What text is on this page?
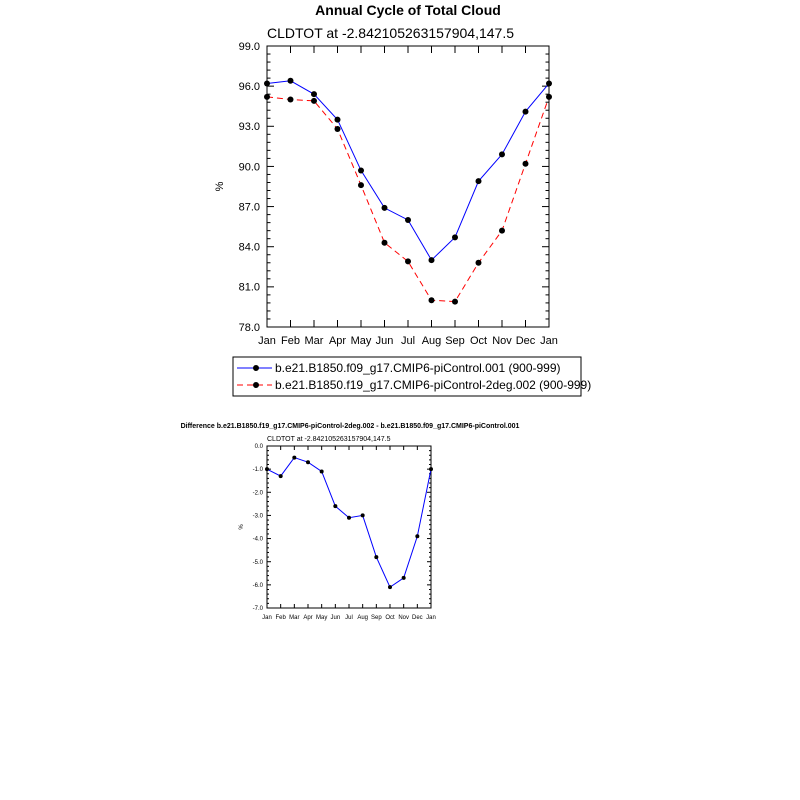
Annual Cycle of Total Cloud
CLDTOT at -2.842105263157904,147.5
78.0
81.0
84.0
87.0
90.0
93.0
96.0
99.0
Jan Feb Mar Apr May Jun Jul Aug Sep Oct Nov Dec Jan
%
b.e21.B1850.f09_g17.CMIP6-piControl.001 (900-999)
b.e21.B1850.f19_g17.CMIP6-piControl-2deg.002 (900-999)
Difference b.e21.B1850.f19_g17.CMIP6-piControl-2deg.002 - b.e21.B1850.f09_g17.CMIP6-piControl.001
CLDTOT at -2.842105263157904,147.5
-7.0
-6.0
-5.0
-4.0
-3.0
-2.0
-1.0
0.0
Jan Feb Mar Apr May Jun Jul Aug Sep Oct Nov Dec Jan
%
